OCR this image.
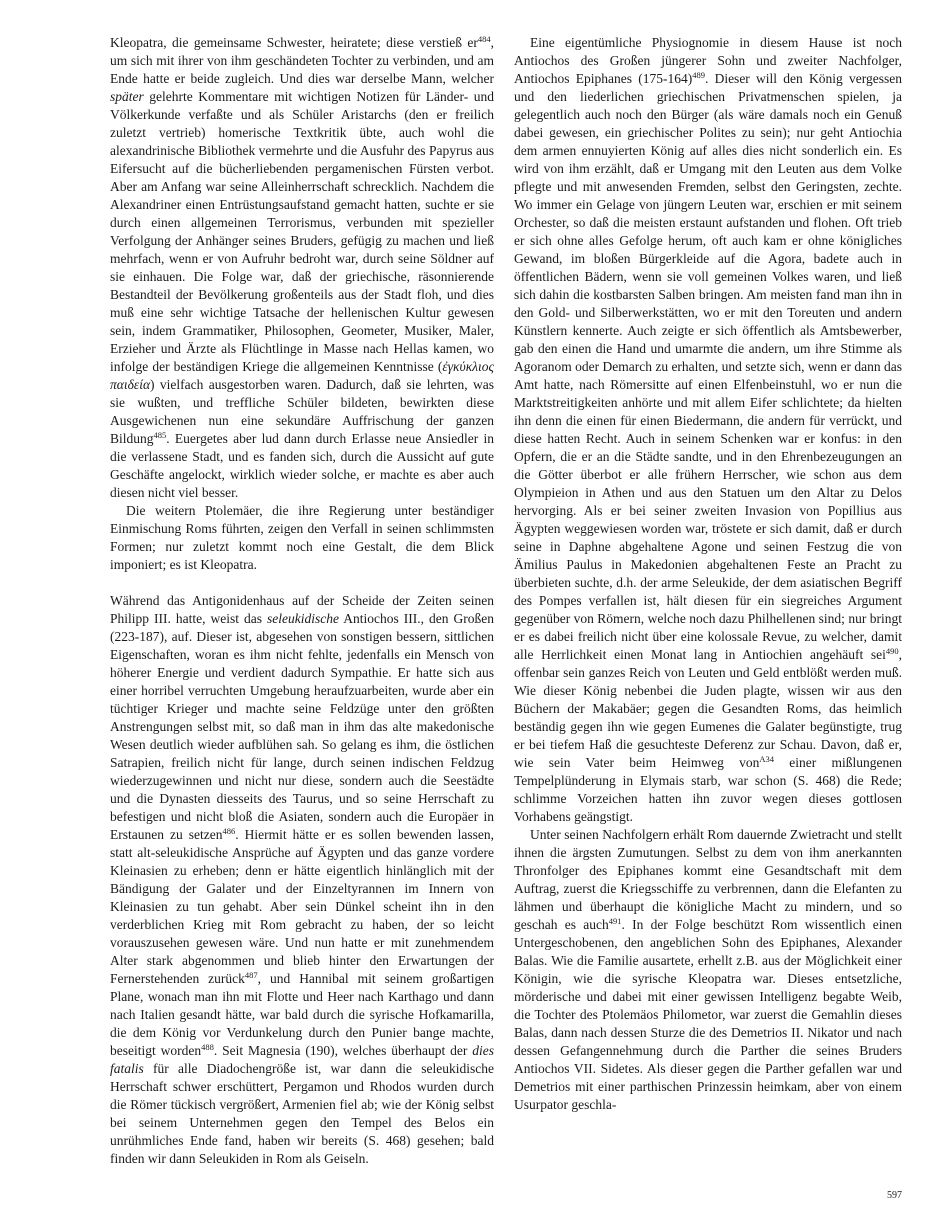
Kleopatra, die gemeinsame Schwester, heiratete; diese verstieß $er^{484}$, um sich mit ihrer von ihm geschändeten Tochter zu verbinden, und am Ende hatte er beide zugleich. Und dies war derselbe Mann, welcher später gelehrte Kommentare mit wichtigen Notizen für Länder- und Völkerkunde verfaßte und als Schüler Aristarchs (den er freilich zuletzt vertrieb) homerische Textkritik übte, auch wohl die alexandrinische Bibliothek vermehrte und die Ausfuhr des Papyrus aus Eifersucht auf die bücherliebenden pergamenischen Fürsten verbot. Aber am Anfang war seine Alleinherrschaft schrecklich. Nachdem die Alexandriner einen Entrüstungsaufstand gemacht hatten, suchte er sie durch einen allgemeinen Terrorismus, verbunden mit spezieller Verfolgung der Anhänger seines Bruders, gefügig zu machen und ließ mehrfach, wenn er von Aufruhr bedroht war, durch seine Söldner auf sie einhauen. Die Folge war, daß der griechische, räsonnierende Bestandteil der Bevölkerung großenteils aus der Stadt floh, und dies muß eine sehr wichtige Tatsache der hellenischen Kultur gewesen sein, indem Grammatiker, Philosophen, Geometer, Musiker, Maler, Erzieher und Ärzte als Flüchtlinge in Masse nach Hellas kamen, wo infolge der beständigen Kriege die allgemeinen Kenntnisse (ἐγκύκλιος παιδεία) vielfach ausgestorben waren. Dadurch, daß sie lehrten, was sie wußten, und treffliche Schüler bildeten, bewirkten diese Ausgewichenen nun eine sekundäre Auffrischung der ganzen Bildung$^{485}$. Euergetes aber lud dann durch Erlasse neue Ansiedler in die verlassene Stadt, und es fanden sich, durch die Aussicht auf gute Geschäfte angelockt, wirklich wieder solche, er machte es aber auch diesen nicht viel besser.

Die weitern Ptolemäer, die ihre Regierung unter beständiger Einmischung Roms führten, zeigen den Verfall in seinen schlimmsten Formen; nur zuletzt kommt noch eine Gestalt, die dem Blick imponiert; es ist Kleopatra.

Während das Antigonidenhaus auf der Scheide der Zeiten seinen Philipp III. hatte, weist das seleukidische Antiochos III., den Großen (223-187), auf. Dieser ist, abgesehen von sonstigen bessern, sittlichen Eigenschaften, woran es ihm nicht fehlte, jedenfalls ein Mensch von höherer Energie und verdient dadurch Sympathie. Er hatte sich aus einer horribel verruchten Umgebung heraufzuarbeiten, wurde aber ein tüchtiger Krieger und machte seine Feldzüge unter den größten Anstrengungen selbst mit, so daß man in ihm das alte makedonische Wesen deutlich wieder aufblühen sah. So gelang es ihm, die östlichen Satrapien, freilich nicht für lange, durch seinen indischen Feldzug wiederzugewinnen und nicht nur diese, sondern auch die Seestädte und die Dynasten diesseits des Taurus, und so seine Herrschaft zu befestigen und nicht bloß die Asiaten, sondern auch die Europäer in Erstaunen zu setzen$^{486}$. Hiermit hätte er es sollen bewenden lassen, statt alt-seleukidische Ansprüche auf Ägypten und das ganze vordere Kleinasien zu erheben; denn er hätte eigentlich hinlänglich mit der Bändigung der Galater und der Einzeltyrannen im Innern von Kleinasien zu tun gehabt. Aber sein Dünkel scheint ihn in den verderblichen Krieg mit Rom gebracht zu haben, der so leicht vorauszusehen gewesen wäre. Und nun hatte er mit zunehmendem Alter stark abgenommen und blieb hinter den Erwartungen der Fernerstehenden zurück$^{487}$, und Hannibal mit seinem großartigen Plane, wonach man ihn mit Flotte und Heer nach Karthago und dann nach Italien gesandt hätte, war bald durch die syrische Hofkamarilla, die dem König vor Verdunkelung durch den Punier bange machte, beseitigt worden$^{488}$. Seit Magnesia (190), welches überhaupt der dies fatalis für alle Diadochengröße ist, war dann die seleukidische Herrschaft schwer erschüttert, Pergamon und Rhodos wurden durch die Römer tückisch vergrößert, Armenien fiel ab; wie der König selbst bei seinem Unternehmen gegen den Tempel des Belos ein unrühmliches Ende fand, haben wir bereits (S. 468) gesehen; bald finden wir dann Seleukiden in Rom als Geiseln.

Eine eigentümliche Physiognomie in diesem Hause ist noch Antiochos des Großen jüngerer Sohn und zweiter Nachfolger, Antiochos Epiphanes $(175-164)^{489}$. Dieser will den König vergessen und den liederlichen griechischen Privatmenschen spielen, ja gelegentlich auch noch den Bürger (als wäre damals noch ein Genuß dabei gewesen, ein griechischer Polites zu sein); nur geht Antiochia dem armen ennuyierten König auf alles dies nicht sonderlich ein. Es wird von ihm erzählt, daß er Umgang mit den Leuten aus dem Volke pflegte und mit anwesenden Fremden, selbst den Geringsten, zechte. Wo immer ein Gelage von jüngern Leuten war, erschien er mit seinem Orchester, so daß die meisten erstaunt aufstanden und flohen. Oft trieb er sich ohne alles Gefolge herum, oft auch kam er ohne königliches Gewand, im bloßen Bürgerkleide auf die Agora, badete auch in öffentlichen Bädern, wenn sie voll gemeinen Volkes waren, und ließ sich dahin die kostbarsten Salben bringen. Am meisten fand man ihn in den Gold- und Silberwerkstätten, wo er mit den Toreuten und andern Künstlern kennerte. Auch zeigte er sich öffentlich als Amtsbewerber, gab den einen die Hand und umarmte die andern, um ihre Stimme als Agoranom oder Demarch zu erhalten, und setzte sich, wenn er dann das Amt hatte, nach Römersitte auf einen Elfenbeinstuhl, wo er nun die Marktstreitigkeiten anhörte und mit allem Eifer schlichtete; da hielten ihn denn die einen für einen Biedermann, die andern für verrückt, und diese hatten Recht. Auch in seinem Schenken war er konfus: in den Opfern, die er an die Städte sandte, und in den Ehrenbezeugungen an die Götter überbot er alle frühern Herrscher, wie schon aus dem Olympieion in Athen und aus den Statuen um den Altar zu Delos hervorging. Als er bei seiner zweiten Invasion von Popillius aus Ägypten weggewiesen worden war, tröstete er sich damit, daß er durch seine in Daphne abgehaltene Agone und seinen Festzug die von Ämilius Paulus in Makedonien abgehaltenen Feste an Pracht zu überbieten suchte, d.h. der arme Seleukide, der dem asiatischen Begriff des Pompes verfallen ist, hält diesen für ein siegreiches Argument gegenüber von Römern, welche noch dazu Philhellenen sind; nur bringt er es dabei freilich nicht über eine kolossale Revue, zu welcher, damit alle Herrlichkeit einen Monat lang in Antiochien angehäuft sei$^{490}$, offenbar sein ganzes Reich von Leuten und Geld entblößt werden muß. Wie dieser König nebenbei die Juden plagte, wissen wir aus den Büchern der Makabäer; gegen die Gesandten Roms, das heimlich beständig gegen ihn wie gegen Eumenes die Galater begünstigte, trug er bei tiefem Haß die gesuchteste Deferenz zur Schau. Davon, daß er, wie sein Vater beim Heimweg von$^{A34}$ einer mißlungenen Tempelplünderung in Elymais starb, war schon (S. 468) die Rede; schlimme Vorzeichen hatten ihn zuvor wegen dieses gottlosen Vorhabens geängstigt.

Unter seinen Nachfolgern erhält Rom dauernde Zwietracht und stellt ihnen die ärgsten Zumutungen. Selbst zu dem von ihm anerkannten Thronfolger des Epiphanes kommt eine Gesandtschaft mit dem Auftrag, zuerst die Kriegsschiffe zu verbrennen, dann die Elefanten zu lähmen und überhaupt die königliche Macht zu mindern, und so geschah es auch$^{491}$. In der Folge beschützt Rom wissentlich einen Untergeschobenen, den angeblichen Sohn des Epiphanes, Alexander Balas. Wie die Familie ausartete, erhellt z.B. aus der Möglichkeit einer Königin, wie die syrische Kleopatra war. Dieses entsetzliche, mörderische und dabei mit einer gewissen Intelligenz begabte Weib, die Tochter des Ptolemäos Philometor, war zuerst die Gemahlin dieses Balas, dann nach dessen Sturze die des Demetrios II. Nikator und nach dessen Gefangennehmung durch die Parther die seines Bruders Antiochos VII. Sidetes. Als dieser gegen die Parther gefallen war und Demetrios mit einer parthischen Prinzessin heimkam, aber von einem Usurpator geschla-

597
